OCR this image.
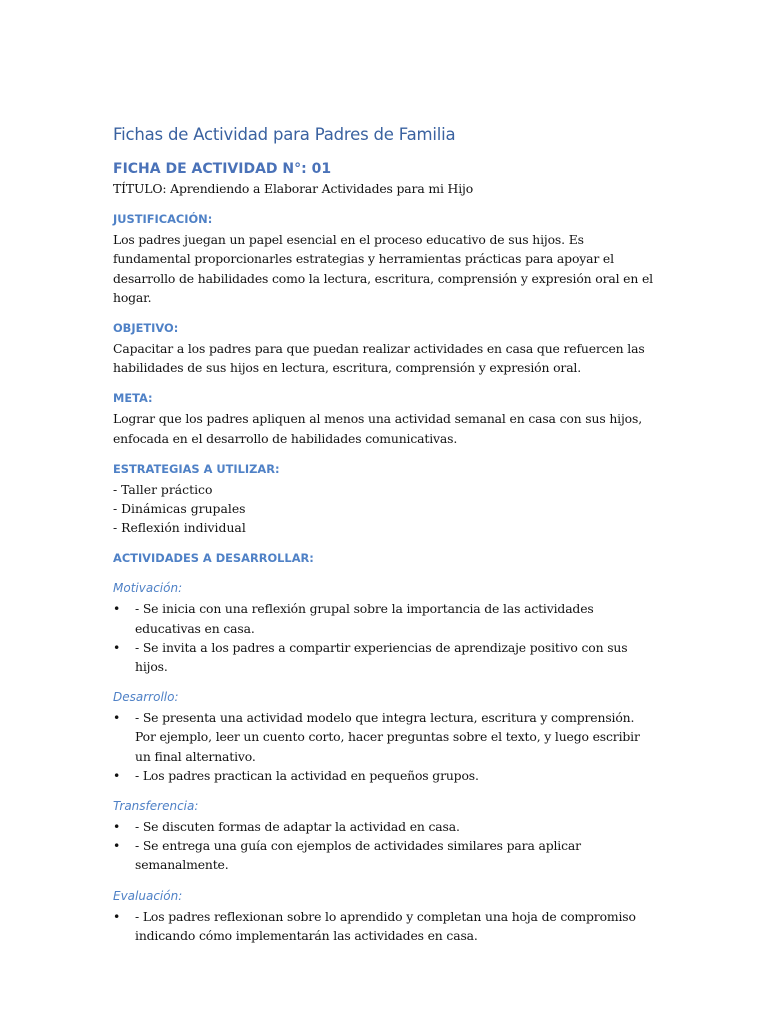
Fichas de Actividad para Padres de Familia
FICHA DE ACTIVIDAD N°: 01

TÍTULO: Aprendiendo a Elaborar Actividades para mi Hijo

JUSTIFICACIÓN:

Los padres juegan un papel esencial en el proceso educativo de sus hijos. Es fundamental proporcionarles estrategias y herramientas prácticas para apoyar el desarrollo de habilidades como la lectura, escritura, comprensión y expresión oral en el hogar.

OBJETIVO:

Capacitar a los padres para que puedan realizar actividades en casa que refuercen las habilidades de sus hijos en lectura, escritura, comprensión y expresión oral.

META:

Lograr que los padres apliquen al menos una actividad semanal en casa con sus hijos, enfocada en el desarrollo de habilidades comunicativas.

ESTRATEGIAS A UTILIZAR:
- Taller práctico
- Dinámicas grupales
- Reflexión individual
ACTIVIDADES A DESARROLLAR:
Motivación:
• - Se inicia con una reflexión grupal sobre la importancia de las actividades educativas en casa.
• - Se invita a los padres a compartir experiencias de aprendizaje positivo con sus hijos.
Desarrollo:
• - Se presenta una actividad modelo que integra lectura, escritura y comprensión. Por ejemplo, leer un cuento corto, hacer preguntas sobre el texto, y luego escribir un final alternativo.
• - Los padres practican la actividad en pequeños grupos.
Transferencia:
• - Se discuten formas de adaptar la actividad en casa.
• - Se entrega una guía con ejemplos de actividades similares para aplicar semanalmente.
Evaluación:
• - Los padres reflexionan sobre lo aprendido y completan una hoja de compromiso indicando cómo implementarán las actividades en casa.
